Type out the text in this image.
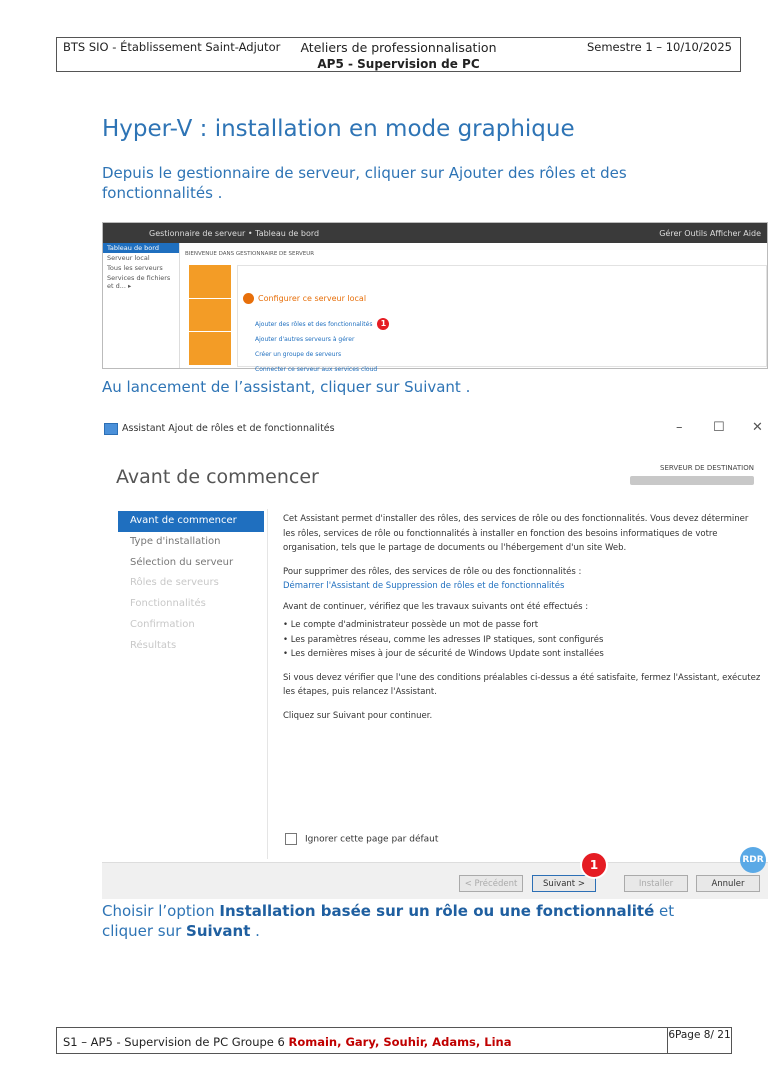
BTS SIO - Établissement Saint-Adjutor	Ateliers de professionnalisation
AP5 - Supervision de PC
Semestre 1 – 10/10/2025
Hyper-V : installation en mode graphique
Depuis le gestionnaire de serveur, cliquer sur Ajouter des rôles et des fonctionnalités .
Gestionnaire de serveur • Tableau de bord	Gérer Outils Afficher Aide
Tableau de bord
Serveur local
Tous les serveurs
Services de fichiers et d... ▸
BIENVENUE DANS GESTIONNAIRE DE SERVEUR
Configurer ce serveur local
Ajouter des rôles et des fonctionnalités 1
Ajouter d'autres serveurs à gérer
Créer un groupe de serveurs
Connecter ce serveur aux services cloud
Au lancement de l’assistant, cliquer sur Suivant .
Assistant Ajout de rôles et de fonctionnalités	– ☐ ✕
Avant de commencer	SERVEUR DE DESTINATION
Avant de commencer
Type d'installation
Sélection du serveur
Rôles de serveurs
Fonctionnalités
Confirmation
Résultats

Cet Assistant permet d'installer des rôles, des services de rôle ou des fonctionnalités. Vous devez déterminer les rôles, services de rôle ou fonctionnalités à installer en fonction des besoins informatiques de votre organisation, tels que le partage de documents ou l'hébergement d'un site Web.

Pour supprimer des rôles, des services de rôle ou des fonctionnalités :
Démarrer l'Assistant de Suppression de rôles et de fonctionnalités

Avant de continuer, vérifiez que les travaux suivants ont été effectués :

• Le compte d'administrateur possède un mot de passe fort
• Les paramètres réseau, comme les adresses IP statiques, sont configurés
• Les dernières mises à jour de sécurité de Windows Update sont installées

Si vous devez vérifier que l'une des conditions préalables ci-dessus a été satisfaite, fermez l'Assistant, exécutez les étapes, puis relancez l'Assistant.

Cliquez sur Suivant pour continuer.

Ignorer cette page par défaut
< Précédent	Suivant >	Installer	Annuler
1	RDR
Choisir l’option Installation basée sur un rôle ou une fonctionnalité et cliquer sur Suivant .
S1 – AP5 - Supervision de PC Groupe 6 Romain, Gary, Souhir, Adams, Lina	6Page 8/ 21
